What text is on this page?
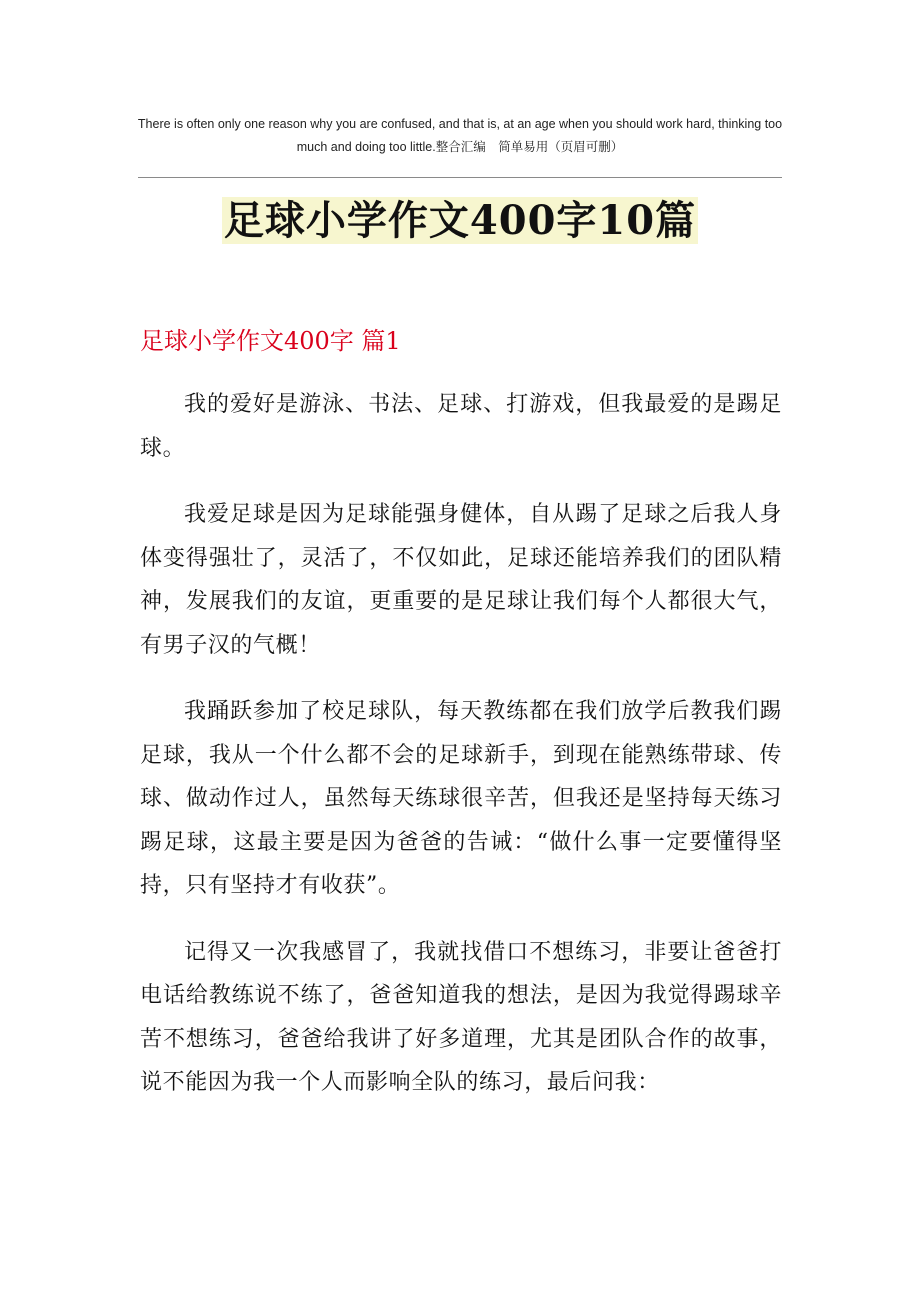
There is often only one reason why you are confused, and that is, at an age when you should work hard, thinking too much and doing too little.整合汇编　简单易用（页眉可删）
足球小学作文400字10篇
足球小学作文400字 篇1

我的爱好是游泳、书法、足球、打游戏，但我最爱的是踢足球。

我爱足球是因为足球能强身健体，自从踢了足球之后我人身体变得强壮了，灵活了，不仅如此，足球还能培养我们的团队精神，发展我们的友谊，更重要的是足球让我们每个人都很大气，有男子汉的气概！

我踊跃参加了校足球队，每天教练都在我们放学后教我们踢足球，我从一个什么都不会的足球新手，到现在能熟练带球、传球、做动作过人，虽然每天练球很辛苦，但我还是坚持每天练习踢足球，这最主要是因为爸爸的告诫：“做什么事一定要懂得坚持，只有坚持才有收获”。

记得又一次我感冒了，我就找借口不想练习，非要让爸爸打电话给教练说不练了，爸爸知道我的想法，是因为我觉得踢球辛苦不想练习，爸爸给我讲了好多道理，尤其是团队合作的故事，说不能因为我一个人而影响全队的练习，最后问我：
